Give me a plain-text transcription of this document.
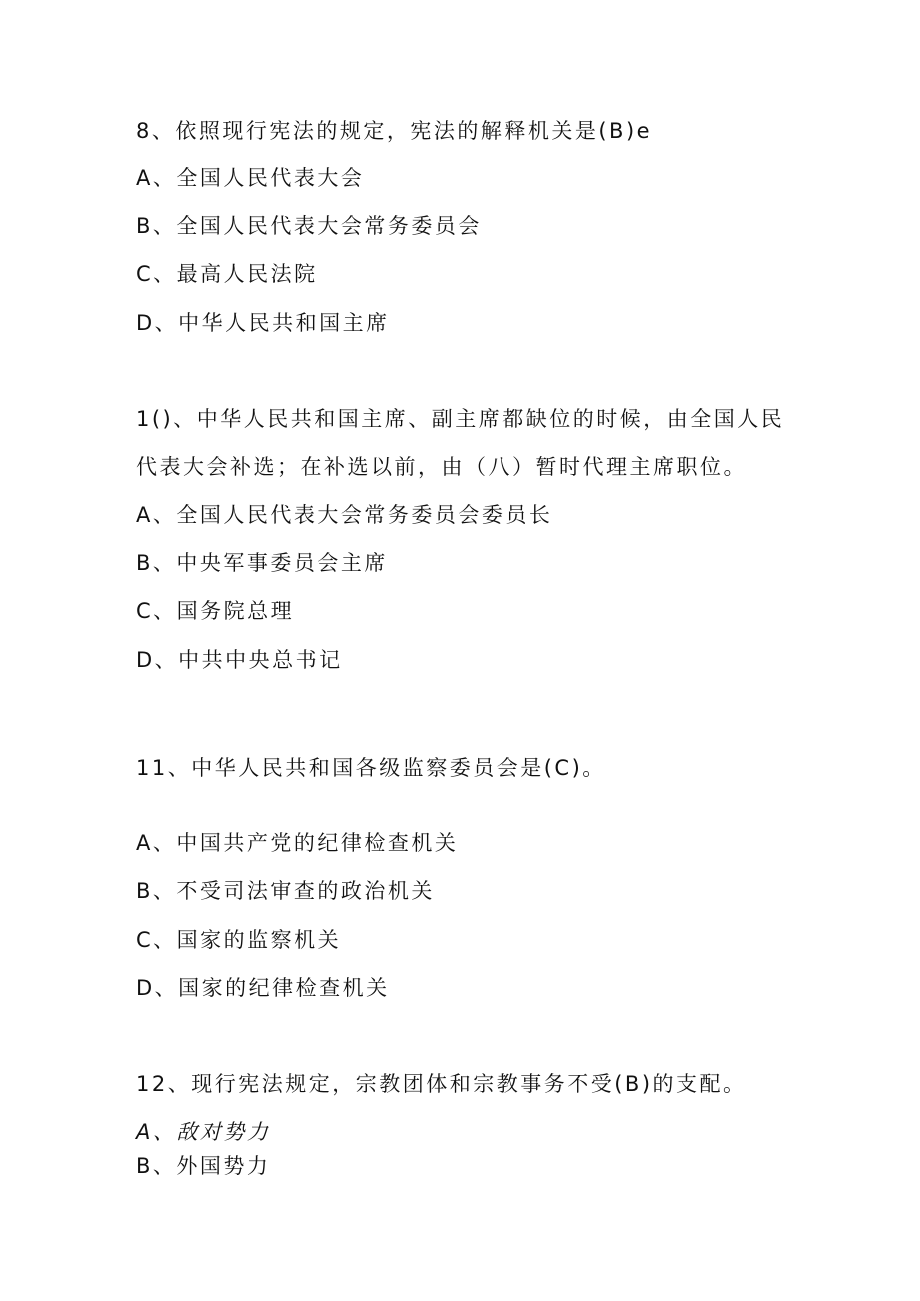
8、依照现行宪法的规定，宪法的解释机关是(B)e
A、全国人民代表大会
B、全国人民代表大会常务委员会
C、最高人民法院
D、中华人民共和国主席
1()、中华人民共和国主席、副主席都缺位的时候，由全国人民
代表大会补选；在补选以前，由（八）暂时代理主席职位。
A、全国人民代表大会常务委员会委员长
B、中央军事委员会主席
C、国务院总理
D、中共中央总书记
11、中华人民共和国各级监察委员会是(C)。
A、中国共产党的纪律检查机关
B、不受司法审查的政治机关
C、国家的监察机关
D、国家的纪律检查机关
12、现行宪法规定，宗教团体和宗教事务不受(B)的支配。
A、敌对势力
B、外国势力
